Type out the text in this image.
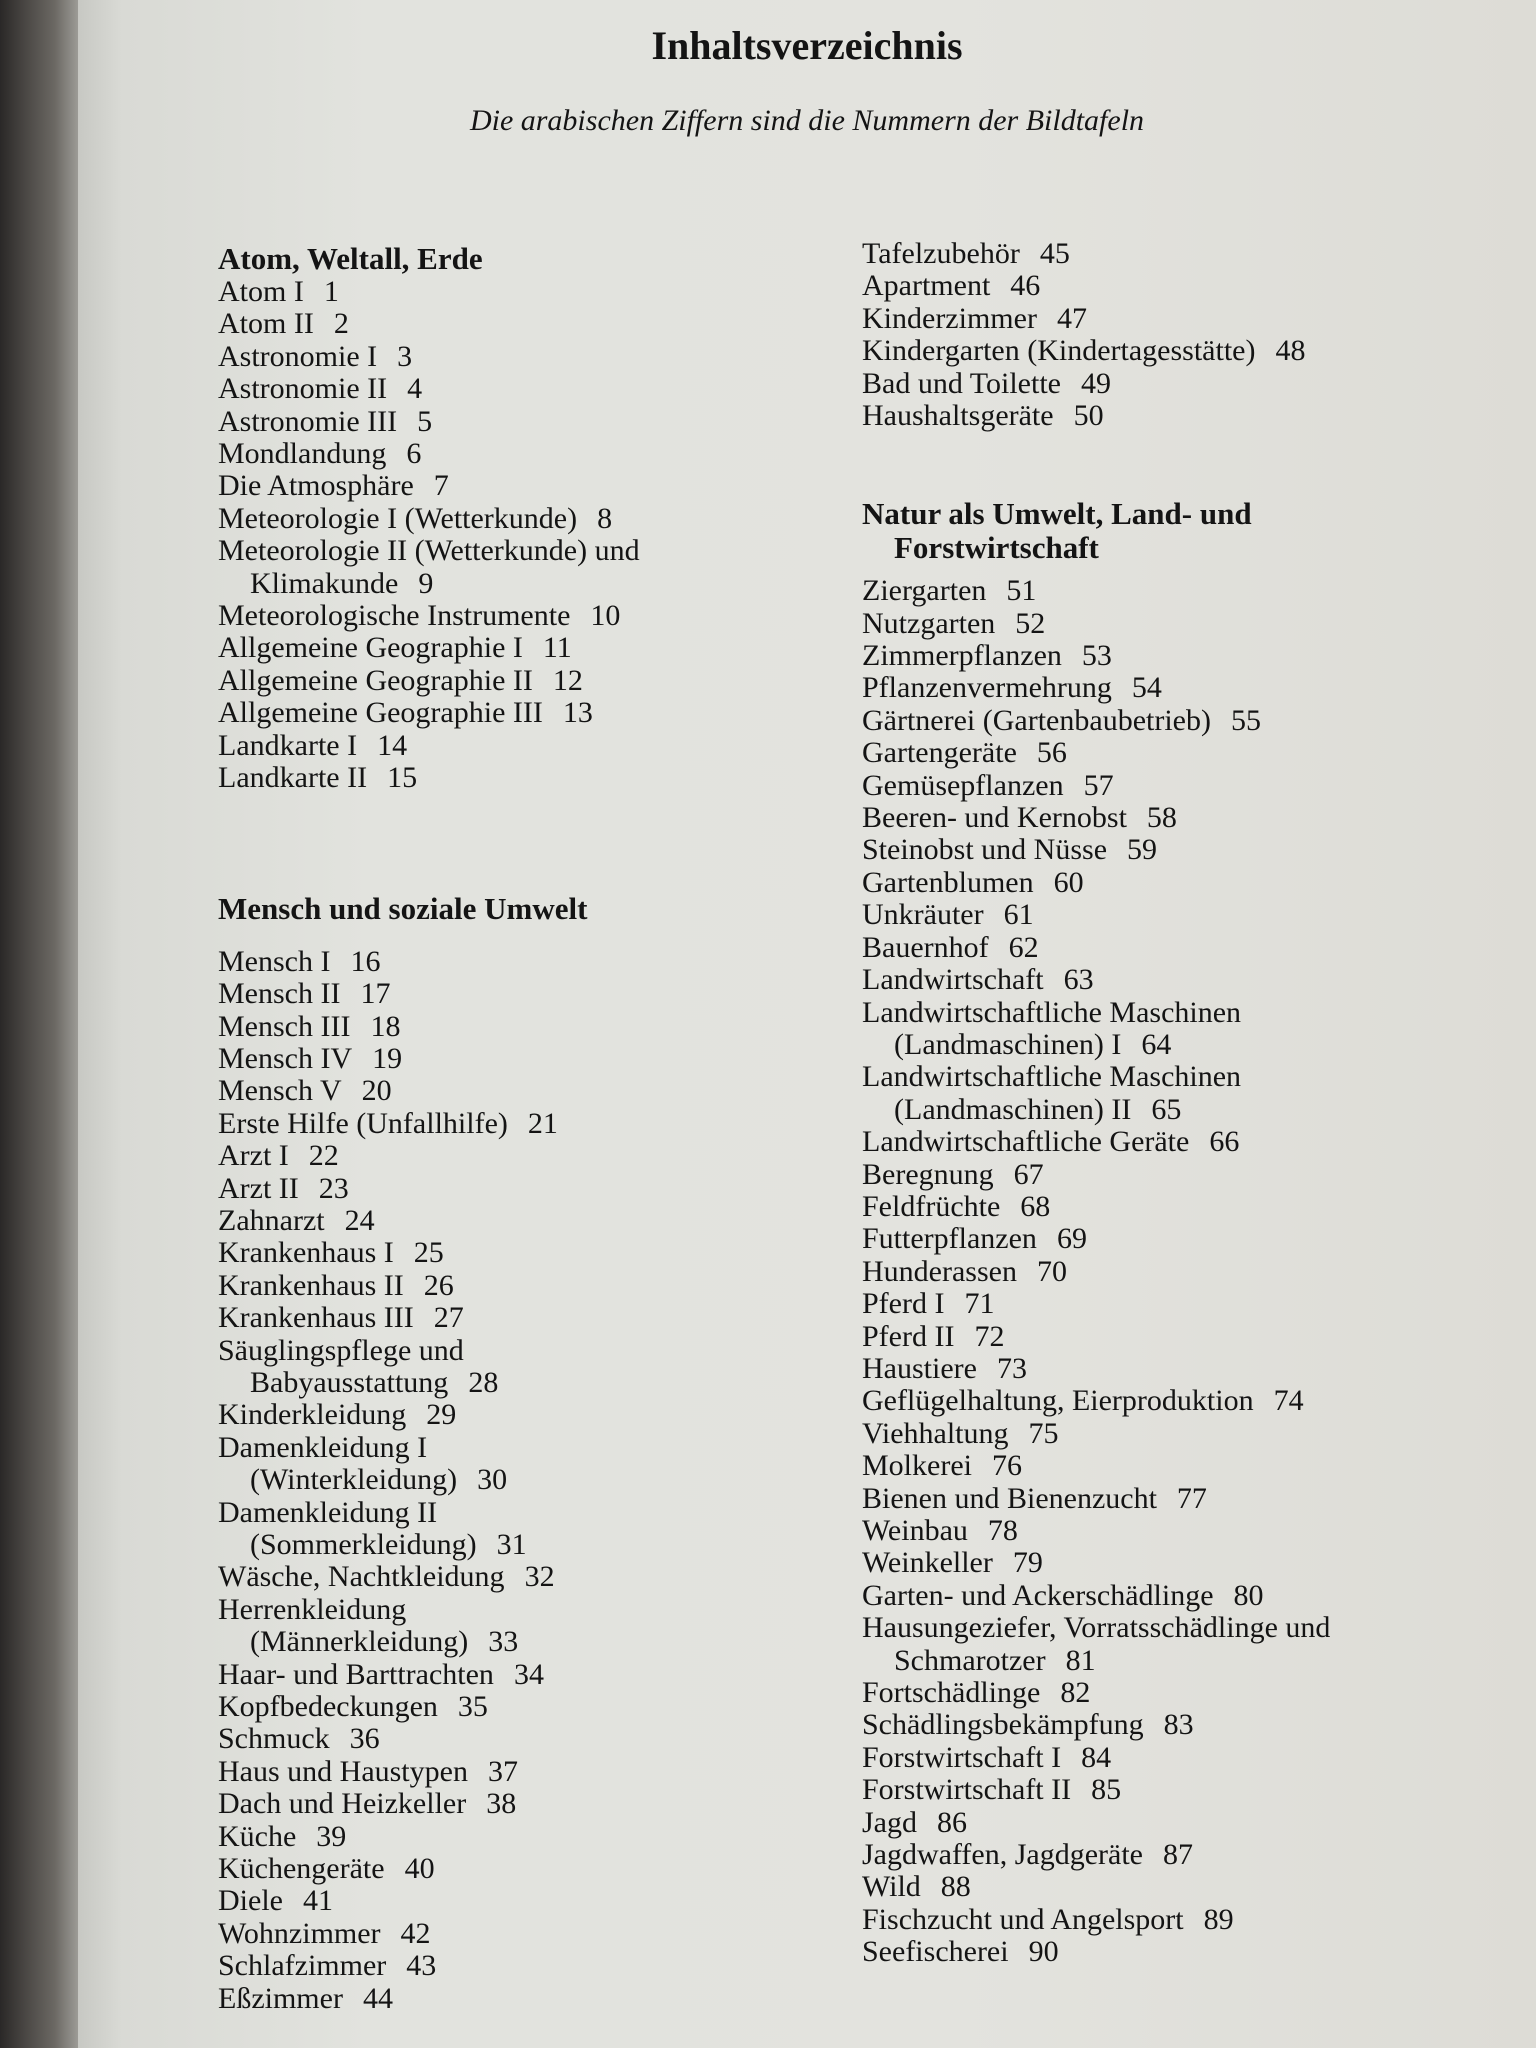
Inhaltsverzeichnis

Die arabischen Ziffern sind die Nummern der Bildtafeln

Atom, Weltall, Erde
Atom I 1
Atom II 2
Astronomie I 3
Astronomie II 4
Astronomie III 5
Mondlandung 6
Die Atmosphäre 7
Meteorologie I (Wetterkunde) 8
Meteorologie II (Wetterkunde) und
Klimakunde 9
Meteorologische Instrumente 10
Allgemeine Geographie I 11
Allgemeine Geographie II 12
Allgemeine Geographie III 13
Landkarte I 14
Landkarte II 15
Mensch und soziale Umwelt
Mensch I 16
Mensch II 17
Mensch III 18
Mensch IV 19
Mensch V 20
Erste Hilfe (Unfallhilfe) 21
Arzt I 22
Arzt II 23
Zahnarzt 24
Krankenhaus I 25
Krankenhaus II 26
Krankenhaus III 27
Säuglingspflege und
Babyausstattung 28
Kinderkleidung 29
Damenkleidung I
(Winterkleidung) 30
Damenkleidung II
(Sommerkleidung) 31
Wäsche, Nachtkleidung 32
Herrenkleidung
(Männerkleidung) 33
Haar- und Barttrachten 34
Kopfbedeckungen 35
Schmuck 36
Haus und Haustypen 37
Dach und Heizkeller 38
Küche 39
Küchengeräte 40
Diele 41
Wohnzimmer 42
Schlafzimmer 43
Eßzimmer 44
Tafelzubehör 45
Apartment 46
Kinderzimmer 47
Kindergarten (Kindertagesstätte) 48
Bad und Toilette 49
Haushaltsgeräte 50
Natur als Umwelt, Land- und
Forstwirtschaft
Ziergarten 51
Nutzgarten 52
Zimmerpflanzen 53
Pflanzenvermehrung 54
Gärtnerei (Gartenbaubetrieb) 55
Gartengeräte 56
Gemüsepflanzen 57
Beeren- und Kernobst 58
Steinobst und Nüsse 59
Gartenblumen 60
Unkräuter 61
Bauernhof 62
Landwirtschaft 63
Landwirtschaftliche Maschinen
(Landmaschinen) I 64
Landwirtschaftliche Maschinen
(Landmaschinen) II 65
Landwirtschaftliche Geräte 66
Beregnung 67
Feldfrüchte 68
Futterpflanzen 69
Hunderassen 70
Pferd I 71
Pferd II 72
Haustiere 73
Geflügelhaltung, Eierproduktion 74
Viehhaltung 75
Molkerei 76
Bienen und Bienenzucht 77
Weinbau 78
Weinkeller 79
Garten- und Ackerschädlinge 80
Hausungeziefer, Vorratsschädlinge und
Schmarotzer 81
Fortschädlinge 82
Schädlingsbekämpfung 83
Forstwirtschaft I 84
Forstwirtschaft II 85
Jagd 86
Jagdwaffen, Jagdgeräte 87
Wild 88
Fischzucht und Angelsport 89
Seefischerei 90
